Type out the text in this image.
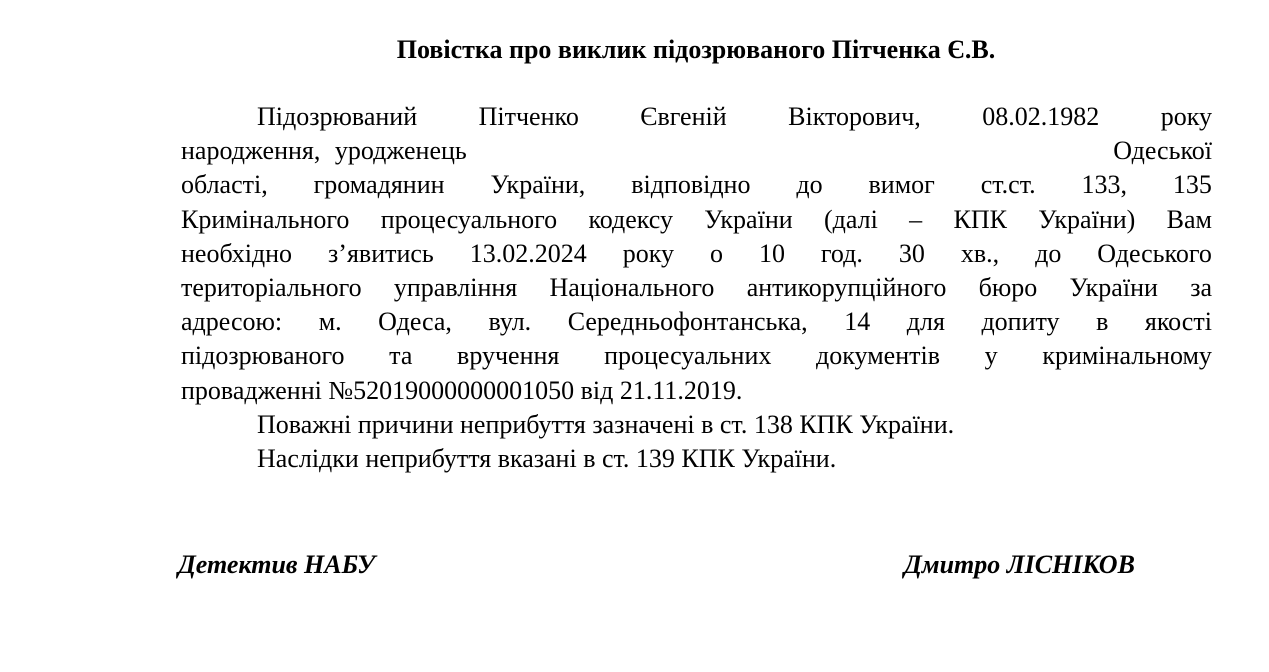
Повістка про виклик підозрюваного Пітченка Є.В.
Підозрюваний Пітченко Євгеній Вікторович, 08.02.1982 року
народження, уродженець	Одеської
області, громадянин України, відповідно до вимог ст.ст. 133, 135
Кримінального процесуального кодексу України (далі – КПК України) Вам
необхідно з’явитись 13.02.2024 року о 10 год. 30 хв., до Одеського
територіального управління Національного антикорупційного бюро України за
адресою: м. Одеса, вул. Середньофонтанська, 14 для допиту в якості
підозрюваного та вручення процесуальних документів у кримінальному
провадженні №52019000000001050 від 21.11.2019.
Поважні причини неприбуття зазначені в ст. 138 КПК України.
Наслідки неприбуття вказані в ст. 139 КПК України.

Детектив НАБУ	Дмитро ЛІСНІКОВ
